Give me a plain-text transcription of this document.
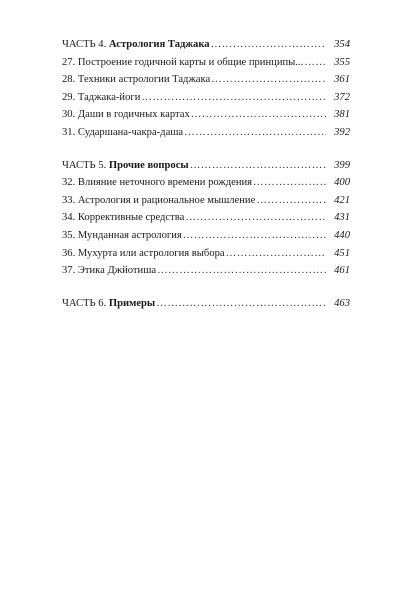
ЧАСТЬ 4. Астрология Таджака ………………………………………………………………………………………………	354
27. Построение годичной карты и общие принципы... ………………………………………………………………………………………………	355
28. Техники астрологии Таджака ………………………………………………………………………………………………	361
29. Таджака-йоги ………………………………………………………………………………………………	372
30. Даши в годичных картах ………………………………………………………………………………………………	381
31. Сударшана-чакра-даша ………………………………………………………………………………………………	392
ЧАСТЬ 5. Прочие вопросы ………………………………………………………………………………………………	399
32. Влияние неточного времени рождения ………………………………………………………………………………………………	400
33. Астрология и рациональное мышление ………………………………………………………………………………………………	421
34. Коррективные средства ………………………………………………………………………………………………	431
35. Мунданная астрология ………………………………………………………………………………………………	440
36. Мухурта или астрология выбора ………………………………………………………………………………………………	451
37. Этика Джйотиша ………………………………………………………………………………………………	461
ЧАСТЬ 6. Примеры ………………………………………………………………………………………………	463
